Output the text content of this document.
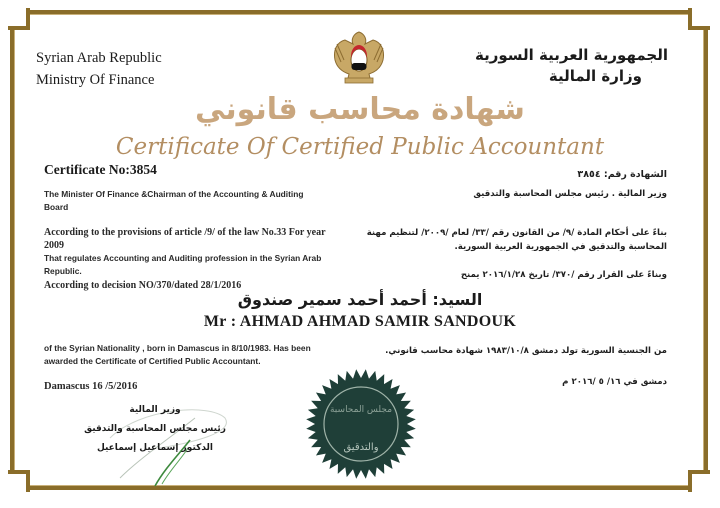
Syrian Arab Republic
Ministry Of Finance
الجمهورية العربية السورية
وزارة المالية
شهادة محاسب قانوني
Certificate Of Certified Public Accountant
Certificate No:3854
The Minister Of Finance &Chairman of the Accounting & Auditing
Board
According to the provisions of article /9/ of the law No.33 For year 2009
That regulates Accounting and Auditing profession in the Syrian Arab
Republic.
According to decision NO/370/dated 28/1/2016
of the Syrian Nationality , born in Damascus in 8/10/1983. Has been
awarded the Certificate of Certified Public Accountant.
Damascus 16 /5/2016
الشهادة رقم: ٣٨٥٤
وزير المالية . رئيس مجلس المحاسبة والتدقيق
بناءً على أحكام المادة /٩/ من القانون رقم /٣٣/ لعام /٢٠٠٩/ لتنظيم مهنة
المحاسبة والتدقيق في الجمهورية العربية السورية.
وبناءً على القرار رقم /٣٧٠/ تاريخ ٢٠١٦/١/٢٨ يمنح
من الجنسية السورية تولد دمشق ١٩٨٣/١٠/٨ شهادة محاسب قانوني.
دمشق في ١٦/ ٥ /٢٠١٦ م
السيد: أحمد أحمد سمير صندوق
Mr : AHMAD AHMAD SAMIR SANDOUK
وزير المالية
رئيس مجلس المحاسبة والتدقيق
الدكتور إسماعيل إسماعيل
مجلس المحاسبة
والتدقيق
